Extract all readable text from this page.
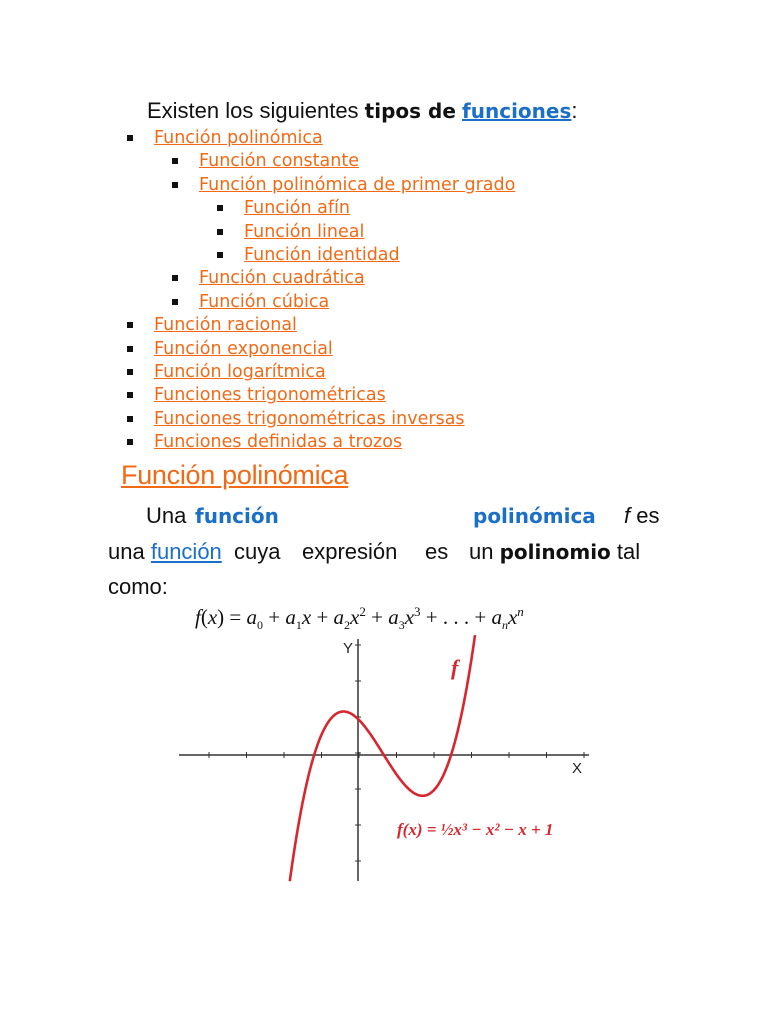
Existen los siguientes tipos de funciones:
Función polinómica
Función constante
Función polinómica de primer grado
Función afín
Función lineal
Función identidad
Función cuadrática
Función cúbica
Función racional
Función exponencial
Función logarítmica
Funciones trigonométricas
Funciones trigonométricas inversas
Funciones definidas a trozos
Función polinómica
Una función	polinómica f es
una función cuya expresión es un polinomio tal
como:
$f(x) = a_0 + a_1x + a_2x^2 + a_3x^3$ + . . . + $a_nx^n$
Y
X
f
f(x) = ½x³ − x² − x + 1
